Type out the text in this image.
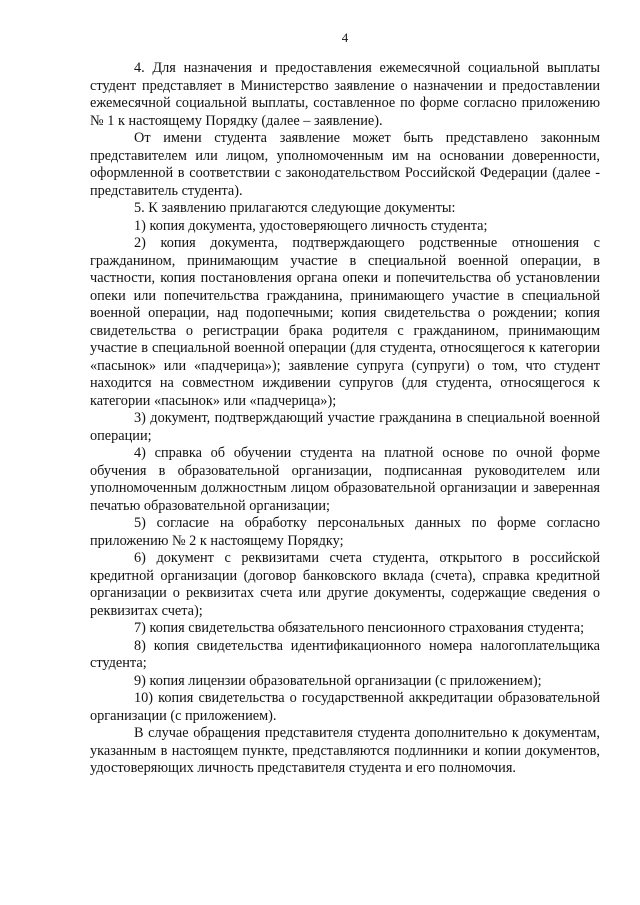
4

4. Для назначения и предоставления ежемесячной социальной выплаты студент представляет в Министерство заявление о назначении и предоставлении ежемесячной социальной выплаты, составленное по форме согласно приложению № 1 к настоящему Порядку (далее – заявление).

От имени студента заявление может быть представлено законным представителем или лицом, уполномоченным им на основании доверенности, оформленной в соответствии с законодательством Российской Федерации (далее - представитель студента).

5. К заявлению прилагаются следующие документы:

1) копия документа, удостоверяющего личность студента;

2) копия документа, подтверждающего родственные отношения с гражданином, принимающим участие в специальной военной операции, в частности, копия постановления органа опеки и попечительства об установлении опеки или попечительства гражданина, принимающего участие в специальной военной операции, над подопечными; копия свидетельства о рождении; копия свидетельства о регистрации брака родителя с гражданином, принимающим участие в специальной военной операции (для студента, относящегося к категории «пасынок» или «падчерица»); заявление супруга (супруги) о том, что студент находится на совместном иждивении супругов (для студента, относящегося к категории «пасынок» или «падчерица»);

3) документ, подтверждающий участие гражданина в специальной военной операции;

4) справка об обучении студента на платной основе по очной форме обучения в образовательной организации, подписанная руководителем или уполномоченным должностным лицом образовательной организации и заверенная печатью образовательной организации;

5) согласие на обработку персональных данных по форме согласно приложению № 2 к настоящему Порядку;

6) документ с реквизитами счета студента, открытого в российской кредитной организации (договор банковского вклада (счета), справка кредитной организации о реквизитах счета или другие документы, содержащие сведения о реквизитах счета);

7) копия свидетельства обязательного пенсионного страхования студента;

8) копия свидетельства идентификационного номера налогоплательщика студента;

9) копия лицензии образовательной организации (с приложением);

10) копия свидетельства о государственной аккредитации образовательной организации (с приложением).

В случае обращения представителя студента дополнительно к документам, указанным в настоящем пункте, представляются подлинники и копии документов, удостоверяющих личность представителя студента и его полномочия.
